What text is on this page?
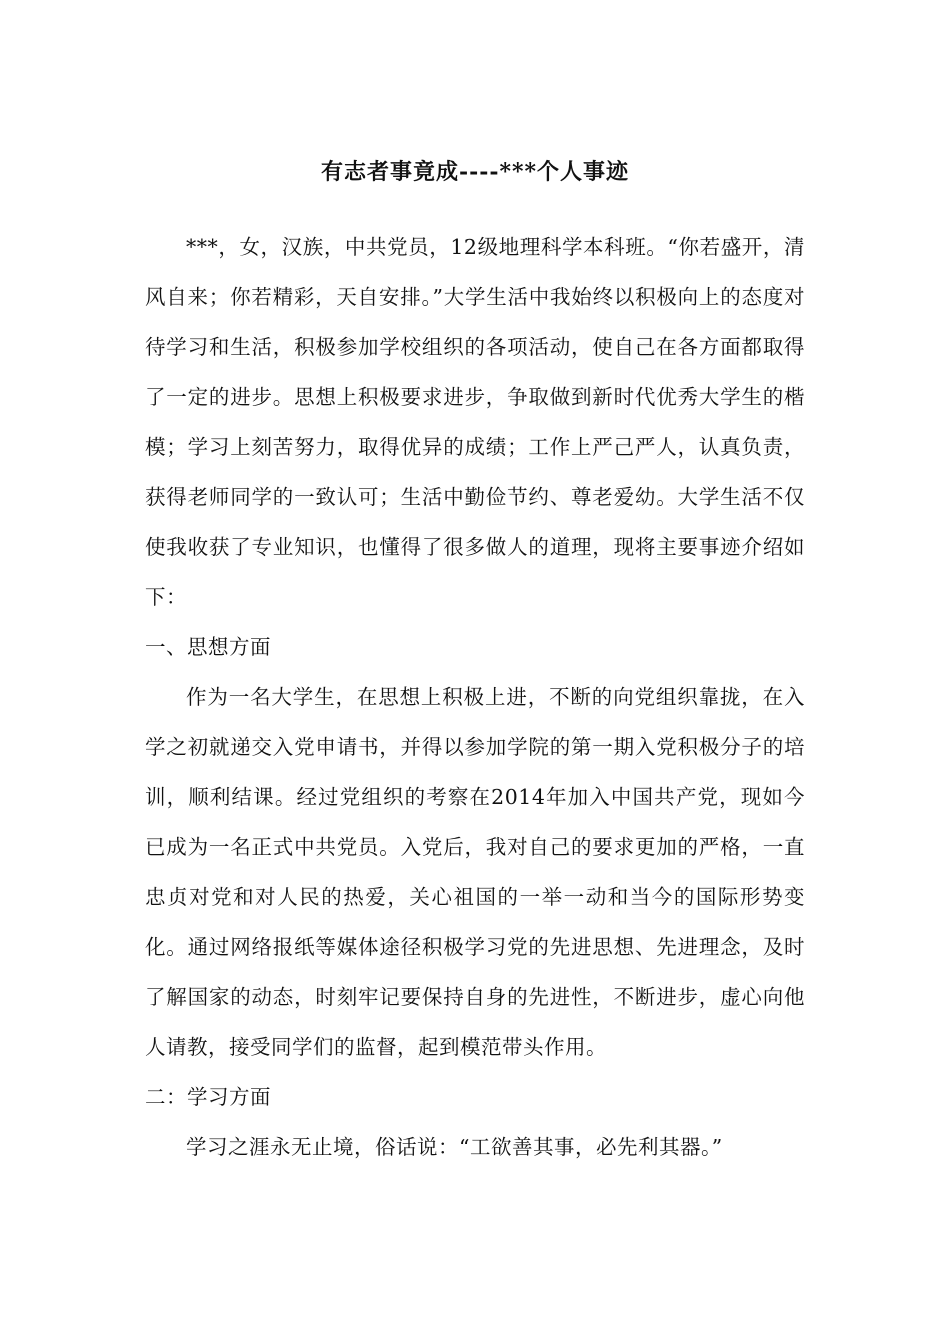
有志者事竟成----***个人事迹

***，女，汉族，中共党员，12级地理科学本科班。“你若盛开，清风自来；你若精彩，天自安排。”大学生活中我始终以积极向上的态度对待学习和生活，积极参加学校组织的各项活动，使自己在各方面都取得了一定的进步。思想上积极要求进步，争取做到新时代优秀大学生的楷模；学习上刻苦努力，取得优异的成绩；工作上严己严人，认真负责，获得老师同学的一致认可；生活中勤俭节约、尊老爱幼。大学生活不仅使我收获了专业知识，也懂得了很多做人的道理，现将主要事迹介绍如下：

一、思想方面

作为一名大学生，在思想上积极上进，不断的向党组织靠拢，在入学之初就递交入党申请书，并得以参加学院的第一期入党积极分子的培训，顺利结课。经过党组织的考察在2014年加入中国共产党，现如今已成为一名正式中共党员。入党后，我对自己的要求更加的严格，一直忠贞对党和对人民的热爱，关心祖国的一举一动和当今的国际形势变化。通过网络报纸等媒体途径积极学习党的先进思想、先进理念，及时了解国家的动态，时刻牢记要保持自身的先进性，不断进步，虚心向他人请教，接受同学们的监督，起到模范带头作用。

二：学习方面

学习之涯永无止境，俗话说：“工欲善其事，必先利其器。”
